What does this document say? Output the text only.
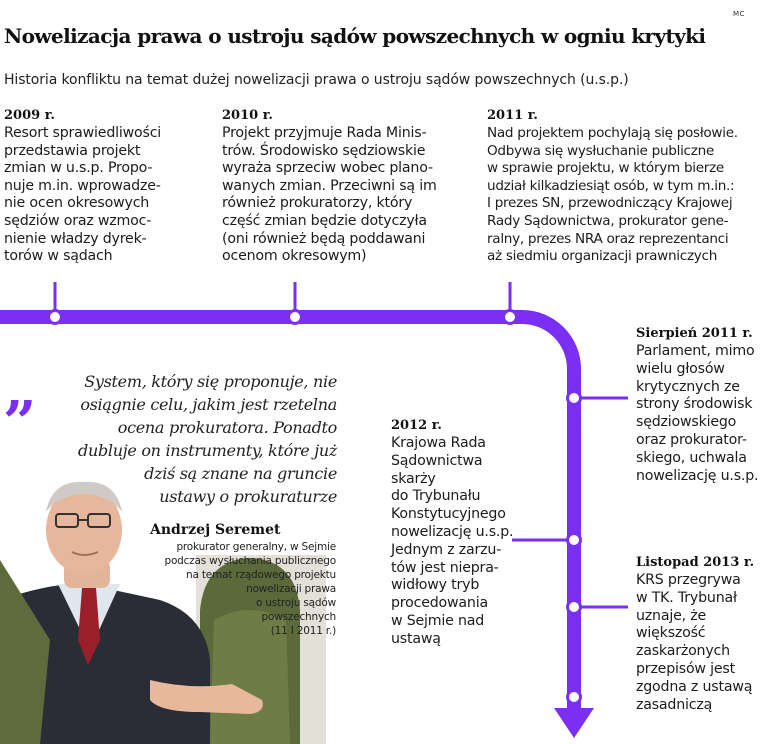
MC
Nowelizacja prawa o ustroju sądów powszechnych w ogniu krytyki
Historia konfliktu na temat dużej nowelizacji prawa o ustroju sądów powszechnych (u.s.p.)
2009 r.
Resort sprawiedliwości
przedstawia projekt
zmian w u.s.p. Propo-
nuje m.in. wprowadze-
nie ocen okresowych
sędziów oraz wzmoc-
nienie władzy dyrek-
torów w sądach
2010 r.
Projekt przyjmuje Rada Minis-
trów. Środowisko sędziowskie
wyraża sprzeciw wobec plano-
wanych zmian. Przeciwni są im
również prokuratorzy, który
część zmian będzie dotyczyła
(oni również będą poddawani
ocenom okresowym)
2011 r.
Nad projektem pochylają się posłowie.
Odbywa się wysłuchanie publiczne
w sprawie projektu, w którym bierze
udział kilkadziesiąt osób, w tym m.in.:
I prezes SN, przewodniczący Krajowej
Rady Sądownictwa, prokurator gene-
ralny, prezes NRA oraz reprezentanci
aż siedmiu organizacji prawniczych
Sierpień 2011 r.
Parlament, mimo
wielu głosów
krytycznych ze
strony środowisk
sędziowskiego
oraz prokurator-
skiego, uchwala
nowelizację u.s.p.
2012 r.
Krajowa Rada
Sądownictwa
skarży
do Trybunału
Konstytucyjnego
nowelizację u.s.p.
Jednym z zarzu-
tów jest niepra-
widłowy tryb
procedowania
w Sejmie nad
ustawą
Listopad 2013 r.
KRS przegrywa
w TK. Trybunał
uznaje, że
większość
zaskarżonych
przepisów jest
zgodna z ustawą
zasadniczą
„	System, który się proponuje, nie
osiągnie celu, jakim jest rzetelna
ocena prokuratora. Ponadto
dubluje on instrumenty, które już
dziś są znane na gruncie
ustawy o prokuraturze
Andrzej Seremet
prokurator generalny, w Sejmie
podczas wysłuchania publicznego
na temat rządowego projektu
nowelizacji prawa
o ustroju sądów
powszechnych
(11 I 2011 r.)
